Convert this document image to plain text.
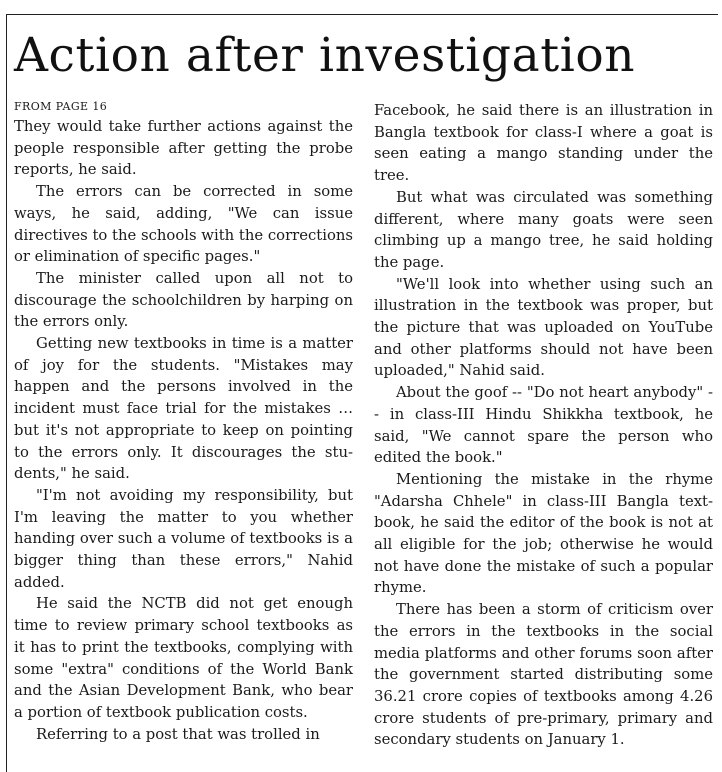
Action after investigation
FROM PAGE 16

They would take further actions against the people responsible after getting the probe reports, he said.

The errors can be corrected in some ways, he said, adding, "We can issue directives to the schools with the corrections or elimination of specific pages."

The minister called upon all not to discourage the schoolchildren by harping on the errors only.

Getting new textbooks in time is a matter of joy for the students. "Mistakes may happen and the persons involved in the incident must face trial for the mistakes … but it's not appropriate to keep on pointing to the errors only. It discourages the students," he said.

"I'm not avoiding my responsibility, but I'm leaving the matter to you whether handing over such a volume of textbooks is a bigger thing than these errors," Nahid added.

He said the NCTB did not get enough time to review primary school textbooks as it has to print the textbooks, complying with some "extra" conditions of the World Bank and the Asian Development Bank, who bear a portion of textbook publication costs.

Referring to a post that was trolled in

Facebook, he said there is an illustration in Bangla textbook for class-I where a goat is seen eating a mango standing under the tree.

But what was circulated was something different, where many goats were seen climbing up a mango tree, he said holding the page.

"We'll look into whether using such an illustration in the textbook was proper, but the picture that was uploaded on YouTube and other platforms should not have been uploaded," Nahid said.

About the goof -- "Do not heart anybody" -- in class-III Hindu Shikkha textbook, he said, "We cannot spare the person who edited the book."

Mentioning the mistake in the rhyme "Adarsha Chhele" in class-III Bangla textbook, he said the editor of the book is not at all eligible for the job; otherwise he would not have done the mistake of such a popular rhyme.

There has been a storm of criticism over the errors in the textbooks in the social media platforms and other forums soon after the government started distributing some 36.21 crore copies of textbooks among 4.26 crore students of pre-primary, primary and secondary students on January 1.
